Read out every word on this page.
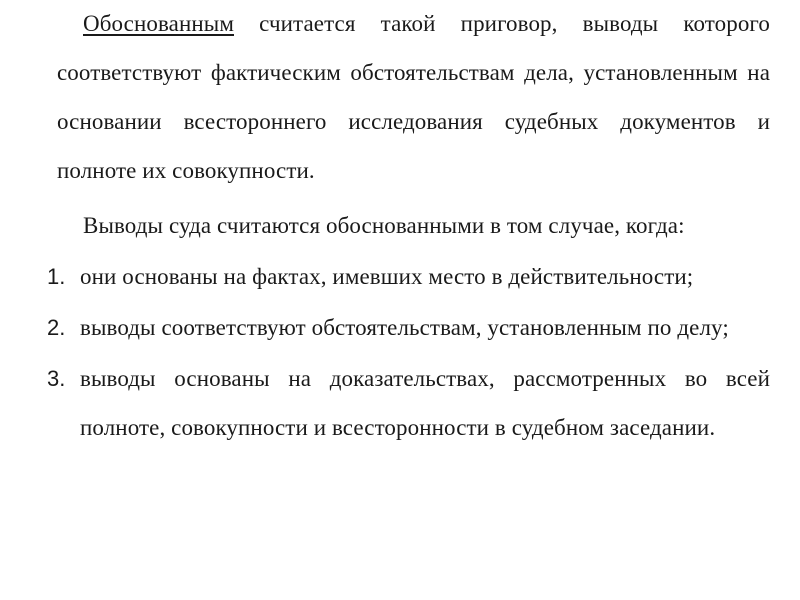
Обоснованным считается такой приговор, выводы которого соответствуют фактическим обстоятельствам дела, установленным на основании всестороннего исследования судебных документов и полноте их совокупности.

Выводы суда считаются обоснованными в том случае, когда:

1. они основаны на фактах, имевших место в действительности;
2. выводы соответствуют обстоятельствам, установленным по делу;
3. выводы основаны на доказательствах, рассмотренных во всей полноте, совокупности и всесторонности в судебном заседании.
